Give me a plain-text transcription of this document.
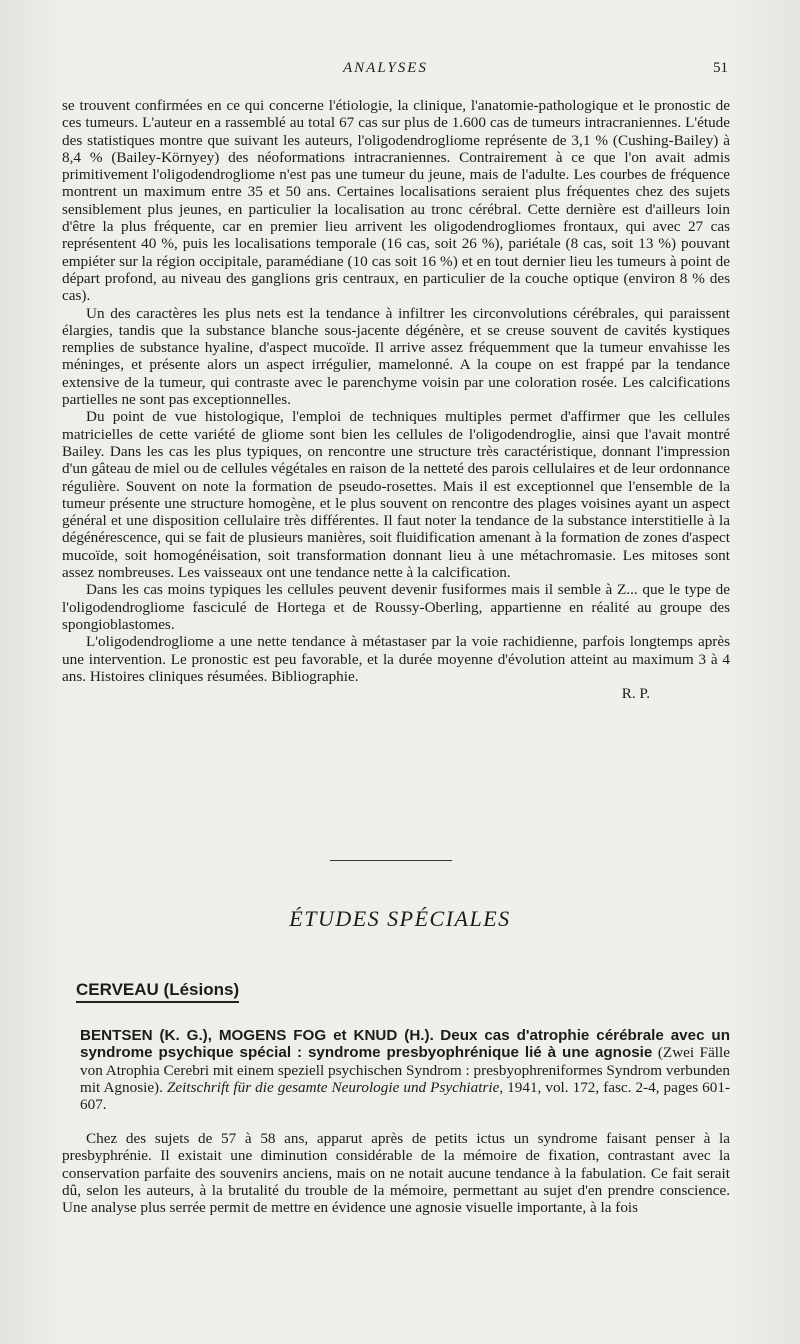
ANALYSES	51

se trouvent confirmées en ce qui concerne l'étiologie, la clinique, l'anatomie-pathologique et le pronostic de ces tumeurs. L'auteur en a rassemblé au total 67 cas sur plus de 1.600 cas de tumeurs intracraniennes. L'étude des statistiques montre que suivant les auteurs, l'oligodendrogliome représente de 3,1 % (Cushing-Bailey) à 8,4 % (Bailey-Környey) des néoformations intracraniennes. Contrairement à ce que l'on avait admis primitivement l'oligodendrogliome n'est pas une tumeur du jeune, mais de l'adulte. Les courbes de fréquence montrent un maximum entre 35 et 50 ans. Certaines localisations seraient plus fréquentes chez des sujets sensiblement plus jeunes, en particulier la localisation au tronc cérébral. Cette dernière est d'ailleurs loin d'être la plus fréquente, car en premier lieu arrivent les oligodendrogliomes frontaux, qui avec 27 cas représentent 40 %, puis les localisations temporale (16 cas, soit 26 %), pariétale (8 cas, soit 13 %) pouvant empiéter sur la région occipitale, paramédiane (10 cas soit 16 %) et en tout dernier lieu les tumeurs à point de départ profond, au niveau des ganglions gris centraux, en particulier de la couche optique (environ 8 % des cas).

Un des caractères les plus nets est la tendance à infiltrer les circonvolutions cérébrales, qui paraissent élargies, tandis que la substance blanche sous-jacente dégénère, et se creuse souvent de cavités kystiques remplies de substance hyaline, d'aspect mucoïde. Il arrive assez fréquemment que la tumeur envahisse les méninges, et présente alors un aspect irrégulier, mamelonné. A la coupe on est frappé par la tendance extensive de la tumeur, qui contraste avec le parenchyme voisin par une coloration rosée. Les calcifications partielles ne sont pas exceptionnelles.

Du point de vue histologique, l'emploi de techniques multiples permet d'affirmer que les cellules matricielles de cette variété de gliome sont bien les cellules de l'oligodendroglie, ainsi que l'avait montré Bailey. Dans les cas les plus typiques, on rencontre une structure très caractéristique, donnant l'impression d'un gâteau de miel ou de cellules végétales en raison de la netteté des parois cellulaires et de leur ordonnance régulière. Souvent on note la formation de pseudo-rosettes. Mais il est exceptionnel que l'ensemble de la tumeur présente une structure homogène, et le plus souvent on rencontre des plages voisines ayant un aspect général et une disposition cellulaire très différentes. Il faut noter la tendance de la substance interstitielle à la dégénérescence, qui se fait de plusieurs manières, soit fluidification amenant à la formation de zones d'aspect mucoïde, soit homogénéisation, soit transformation donnant lieu à une métachromasie. Les mitoses sont assez nombreuses. Les vaisseaux ont une tendance nette à la calcification.

Dans les cas moins typiques les cellules peuvent devenir fusiformes mais il semble à Z... que le type de l'oligodendrogliome fasciculé de Hortega et de Roussy-Oberling, appartienne en réalité au groupe des spongioblastomes.

L'oligodendrogliome a une nette tendance à métastaser par la voie rachidienne, parfois longtemps après une intervention. Le pronostic est peu favorable, et la durée moyenne d'évolution atteint au maximum 3 à 4 ans. Histoires cliniques résumées. Bibliographie.
R. P.

ÉTUDES SPÉCIALES
CERVEAU (Lésions)
BENTSEN (K. G.), MOGENS FOG et KNUD (H.). Deux cas d'atrophie cérébrale avec un syndrome psychique spécial : syndrome presbyophrénique lié à une agnosie (Zwei Fälle von Atrophia Cerebri mit einem speziell psychischen Syndrom : presbyophreniformes Syndrom verbunden mit Agnosie). Zeitschrift für die gesamte Neurologie und Psychiatrie, 1941, vol. 172, fasc. 2-4, pages 601-607.

Chez des sujets de 57 à 58 ans, apparut après de petits ictus un syndrome faisant penser à la presbyphrénie. Il existait une diminution considérable de la mémoire de fixation, contrastant avec la conservation parfaite des souvenirs anciens, mais on ne notait aucune tendance à la fabulation. Ce fait serait dû, selon les auteurs, à la brutalité du trouble de la mémoire, permettant au sujet d'en prendre conscience. Une analyse plus serrée permit de mettre en évidence une agnosie visuelle importante, à la fois
